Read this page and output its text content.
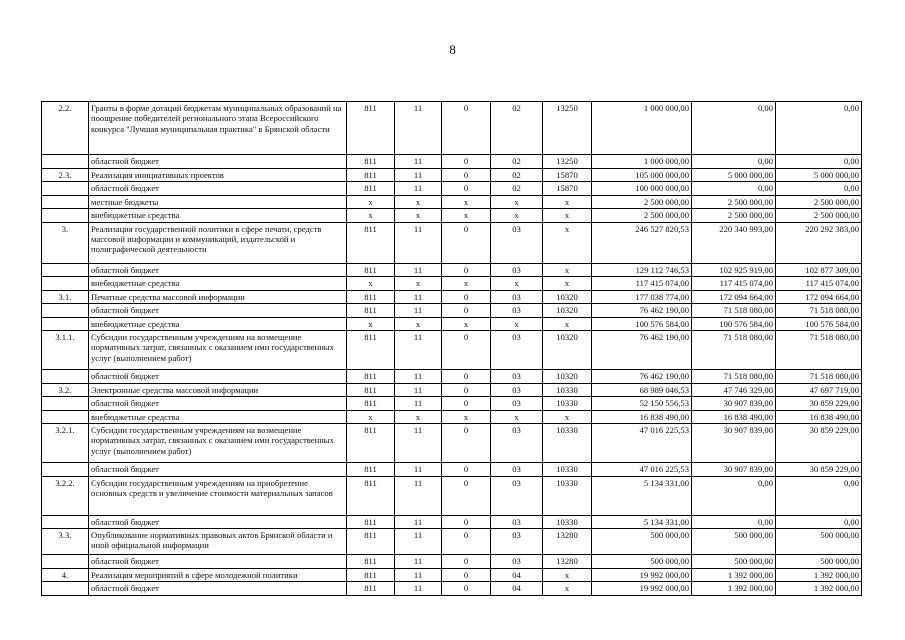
8
2.2.	Гранты в форме дотаций бюджетам муниципальных образований на поощрение победителей регионального этапа Всероссийского конкурса "Лучшая муниципальная практика" в Брянской области	811	11	0	02	13250	1 000 000,00	0,00	0,00
	областной бюджет	811	11	0	02	13250	1 000 000,00	0,00	0,00
2.3.	Реализация инициативных проектов	811	11	0	02	15870	105 000 000,00	5 000 000,00	5 000 000,00
	областной бюджет	811	11	0	02	15870	100 000 000,00	0,00	0,00
	местные бюджеты	х	х	х	х	х	2 500 000,00	2 500 000,00	2 500 000,00
	внебюджетные средства	х	х	х	х	х	2 500 000,00	2 500 000,00	2 500 000,00
3.	Реализация государственной политики в сфере печати, средств массовой информации и коммуникаций, издательской и полиграфической деятельности	811	11	0	03	х	246 527 820,53	220 340 993,00	220 292 383,00
	областной бюджет	811	11	0	03	х	129 112 746,53	102 925 919,00	102 877 309,00
	внебюджетные средства	х	х	х	х	х	117 415 074,00	117 415 074,00	117 415 074,00
3.1.	Печатные средства массовой информации	811	11	0	03	10320	177 038 774,00	172 094 664,00	172 094 664,00
	областной бюджет	811	11	0	03	10320	76 462 190,00	71 518 080,00	71 518 080,00
	внебюджетные средства	х	х	х	х	х	100 576 584,00	100 576 584,00	100 576 584,00
3.1.1.	Субсидии государственным учреждениям на возмещение нормативных затрат, связанных с оказанием ими государственных услуг (выполнением работ)	811	11	0	03	10320	76 462 190,00	71 518 080,00	71 518 080,00
	областной бюджет	811	11	0	03	10320	76 462 190,00	71 518 080,00	71 518 080,00
3.2.	Электронные средства массовой информации	811	11	0	03	10330	68 989 046,53	47 746 329,00	47 697 719,00
	областной бюджет	811	11	0	03	10330	52 150 556,53	30 907 839,00	30 859 229,00
	внебюджетные средства	х	х	х	х	х	16 838 490,00	16 838 490,00	16 838 490,00
3.2.1.	Субсидии государственным учреждениям на возмещение нормативных затрат, связанных с оказанием ими государственных услуг (выполнением работ)	811	11	0	03	10330	47 016 225,53	30 907 839,00	30 859 229,00
	областной бюджет	811	11	0	03	10330	47 016 225,53	30 907 839,00	30 859 229,00
3.2.2.	Субсидии государственным учреждениям на приобретение основных средств и увеличение стоимости материальных запасов	811	11	0	03	10330	5 134 331,00	0,00	0,00
	областной бюджет	811	11	0	03	10330	5 134 331,00	0,00	0,00
3.3.	Опубликование нормативных правовых актов Брянской области и иной официальной информации	811	11	0	03	13280	500 000,00	500 000,00	500 000,00
	областной бюджет	811	11	0	03	13280	500 000,00	500 000,00	500 000,00
4.	Реализация мероприятий в сфере молодежной политики	811	11	0	04	х	19 992 000,00	1 392 000,00	1 392 000,00
	областной бюджет	811	11	0	04	х	19 992 000,00	1 392 000,00	1 392 000,00
